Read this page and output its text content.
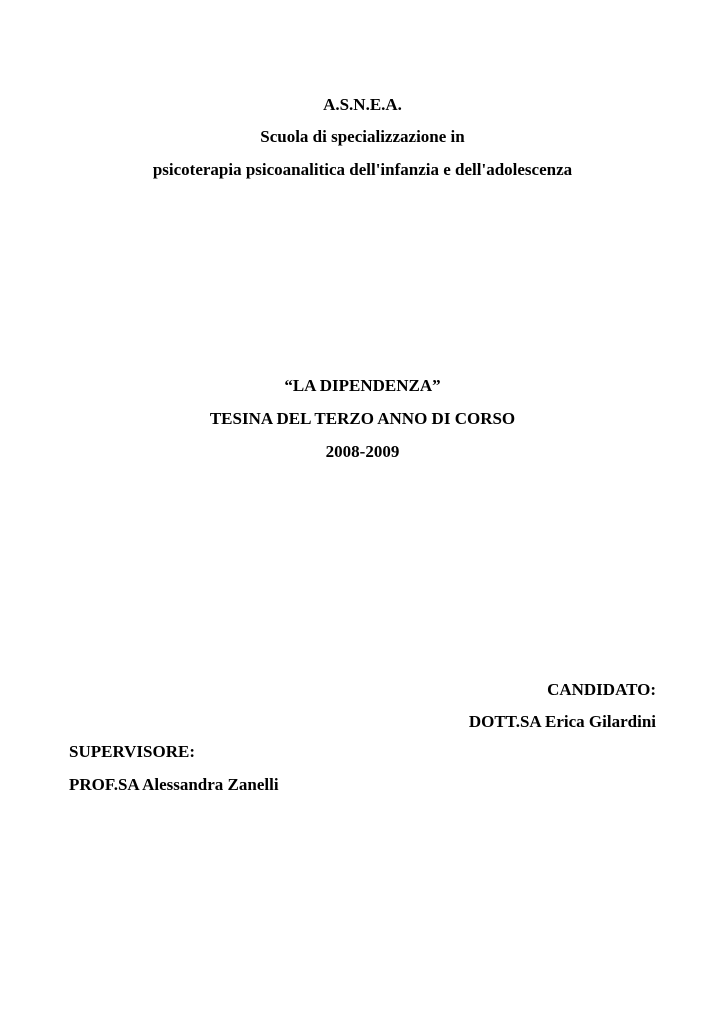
A.S.N.E.A.
Scuola di specializzazione in
psicoterapia psicoanalitica dell'infanzia e dell'adolescenza
“LA DIPENDENZA”
TESINA DEL TERZO ANNO DI CORSO
2008-2009
CANDIDATO:
DOTT.SA Erica Gilardini
SUPERVISORE:
PROF.SA Alessandra Zanelli
